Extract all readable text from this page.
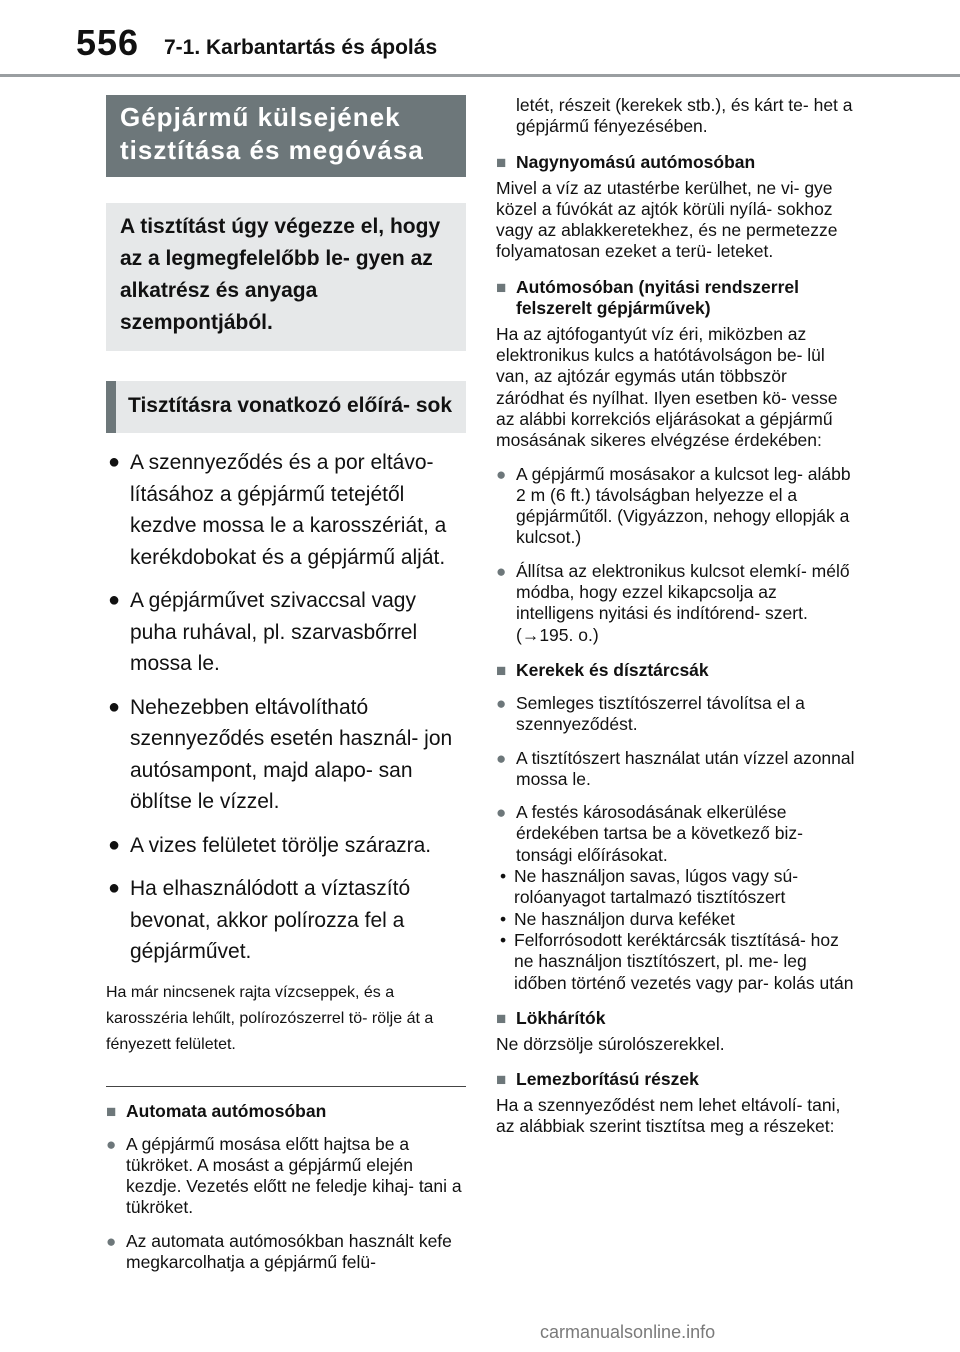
556 7-1. Karbantartás és ápolás
Gépjármű külsejének tisztítása és megóvása
A tisztítást úgy végezze el, hogy az a legmegfelelőbb le- gyen az alkatrész és anyaga szempontjából.
Tisztításra vonatkozó előírá- sok
● A szennyeződés és a por eltávo- lításához a gépjármű tetejétől kezdve mossa le a karosszériát, a kerékdobokat és a gépjármű alját.
● A gépjárművet szivaccsal vagy puha ruhával, pl. szarvasbőrrel mossa le.
● Nehezebben eltávolítható szennyeződés esetén használ- jon autósampont, majd alapo- san öblítse le vízzel.
● A vizes felületet törölje szárazra.
● Ha elhasználódott a víztaszító bevonat, akkor polírozza fel a gépjárművet.
Ha már nincsenek rajta vízcseppek, és a karosszéria lehűlt, polírozószerrel tö- rölje át a fényezett felületet.
■ Automata autómosóban
● A gépjármű mosása előtt hajtsa be a tükröket. A mosást a gépjármű elején kezdje. Vezetés előtt ne feledje kihaj- tani a tükröket.
● Az automata autómosókban használt kefe megkarcolhatja a gépjármű felü-
letét, részeit (kerekek stb.), és kárt te- het a gépjármű fényezésében.
■ Nagynyomású autómosóban
Mivel a víz az utastérbe kerülhet, ne vi- gye közel a fúvókát az ajtók körüli nyílá- sokhoz vagy az ablakkeretekhez, és ne permetezze folyamatosan ezeket a terü- leteket.
■ Autómosóban (nyitási rendszerrel felszerelt gépjárművek)
Ha az ajtófogantyút víz éri, miközben az elektronikus kulcs a hatótávolságon be- lül van, az ajtózár egymás után többször záródhat és nyílhat. Ilyen esetben kö- vesse az alábbi korrekciós eljárásokat a gépjármű mosásának sikeres elvégzése érdekében:
● A gépjármű mosásakor a kulcsot leg- alább 2 m (6 ft.) távolságban helyezze el a gépjárműtől. (Vigyázzon, nehogy ellopják a kulcsot.)
● Állítsa az elektronikus kulcsot elemkí- mélő módba, hogy ezzel kikapcsolja az intelligens nyitási és indítórend- szert. (→195. o.)
■ Kerekek és dísztárcsák
● Semleges tisztítószerrel távolítsa el a szennyeződést.
● A tisztítószert használat után vízzel azonnal mossa le.
● A festés károsodásának elkerülése érdekében tartsa be a következő biz- tonsági előírásokat.
• Ne használjon savas, lúgos vagy sú- rolóanyagot tartalmazó tisztítószert
• Ne használjon durva keféket
• Felforrósodott keréktárcsák tisztításá- hoz ne használjon tisztítószert, pl. me- leg időben történő vezetés vagy par- kolás után
■ Lökhárítók
Ne dörzsölje súrolószerekkel.
■ Lemezborítású részek
Ha a szennyeződést nem lehet eltávolí- tani, az alábbiak szerint tisztítsa meg a részeket:
carmanualsonline.info
